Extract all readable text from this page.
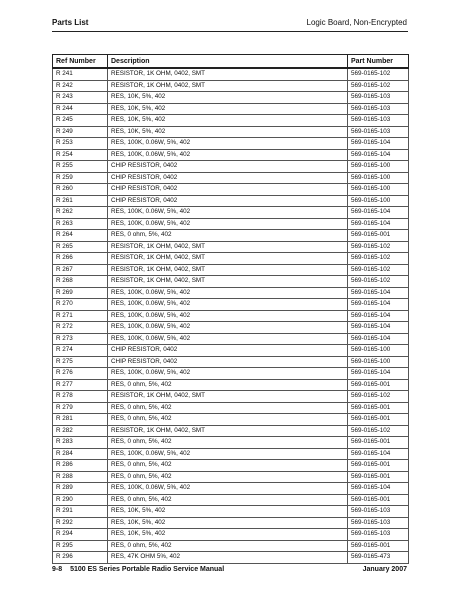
Parts List	Logic Board, Non-Encrypted
Ref Number	Description	Part Number
R 241	RESISTOR, 1K OHM, 0402, SMT	569-0165-102
R 242	RESISTOR, 1K OHM, 0402, SMT	569-0165-102
R 243	RES, 10K, 5%, 402	569-0165-103
R 244	RES, 10K, 5%, 402	569-0165-103
R 245	RES, 10K, 5%, 402	569-0165-103
R 249	RES, 10K, 5%, 402	569-0165-103
R 253	RES, 100K, 0.06W, 5%, 402	569-0165-104
R 254	RES, 100K, 0.06W, 5%, 402	569-0165-104
R 255	CHIP RESISTOR, 0402	569-0165-100
R 259	CHIP RESISTOR, 0402	569-0165-100
R 260	CHIP RESISTOR, 0402	569-0165-100
R 261	CHIP RESISTOR, 0402	569-0165-100
R 262	RES, 100K, 0.06W, 5%, 402	569-0165-104
R 263	RES, 100K, 0.06W, 5%, 402	569-0165-104
R 264	RES, 0 ohm, 5%, 402	569-0165-001
R 265	RESISTOR, 1K OHM, 0402, SMT	569-0165-102
R 266	RESISTOR, 1K OHM, 0402, SMT	569-0165-102
R 267	RESISTOR, 1K OHM, 0402, SMT	569-0165-102
R 268	RESISTOR, 1K OHM, 0402, SMT	569-0165-102
R 269	RES, 100K, 0.06W, 5%, 402	569-0165-104
R 270	RES, 100K, 0.06W, 5%, 402	569-0165-104
R 271	RES, 100K, 0.06W, 5%, 402	569-0165-104
R 272	RES, 100K, 0.06W, 5%, 402	569-0165-104
R 273	RES, 100K, 0.06W, 5%, 402	569-0165-104
R 274	CHIP RESISTOR, 0402	569-0165-100
R 275	CHIP RESISTOR, 0402	569-0165-100
R 276	RES, 100K, 0.06W, 5%, 402	569-0165-104
R 277	RES, 0 ohm, 5%, 402	569-0165-001
R 278	RESISTOR, 1K OHM, 0402, SMT	569-0165-102
R 279	RES, 0 ohm, 5%, 402	569-0165-001
R 281	RES, 0 ohm, 5%, 402	569-0165-001
R 282	RESISTOR, 1K OHM, 0402, SMT	569-0165-102
R 283	RES, 0 ohm, 5%, 402	569-0165-001
R 284	RES, 100K, 0.06W, 5%, 402	569-0165-104
R 286	RES, 0 ohm, 5%, 402	569-0165-001
R 288	RES, 0 ohm, 5%, 402	569-0165-001
R 289	RES, 100K, 0.06W, 5%, 402	569-0165-104
R 290	RES, 0 ohm, 5%, 402	569-0165-001
R 291	RES, 10K, 5%, 402	569-0165-103
R 292	RES, 10K, 5%, 402	569-0165-103
R 294	RES, 10K, 5%, 402	569-0165-103
R 295	RES, 0 ohm, 5%, 402	569-0165-001
R 296	RES, 47K OHM 5%, 402	569-0165-473
9-8 5100 ES Series Portable Radio Service Manual	January 2007
